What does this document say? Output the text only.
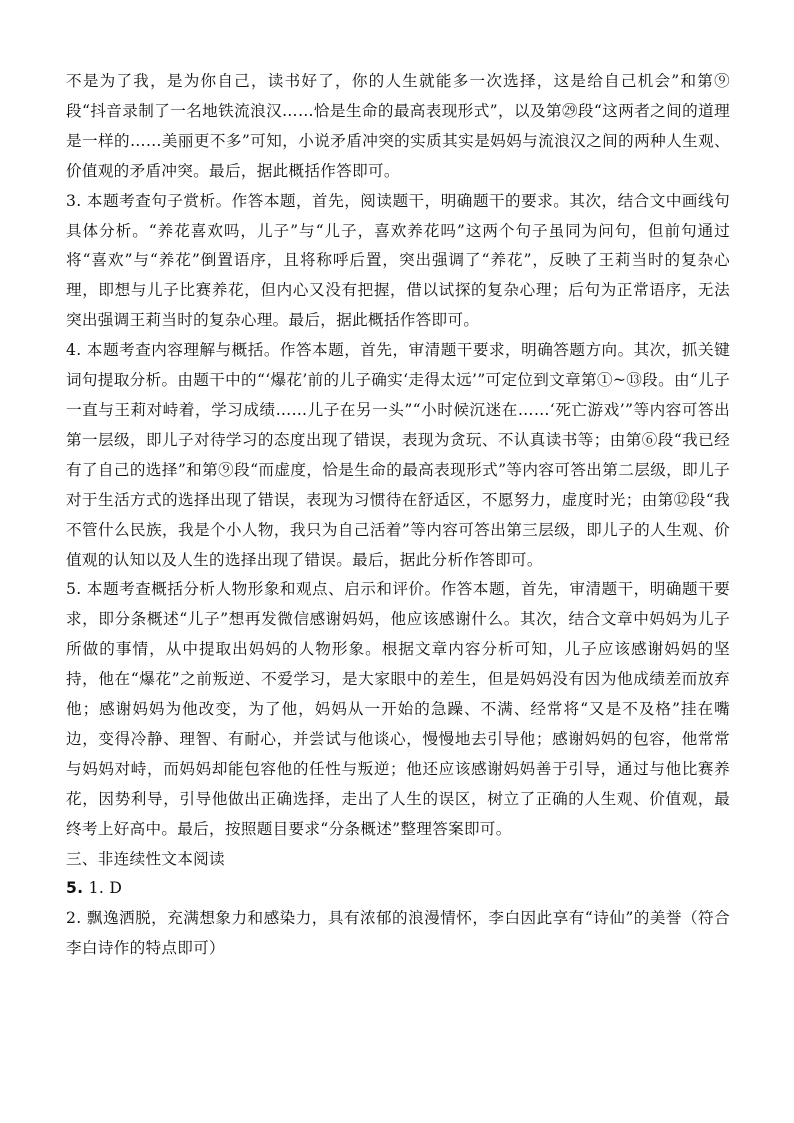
不是为了我，是为你自己，读书好了，你的人生就能多一次选择，这是给自己机会”和第⑨段“抖音录制了一名地铁流浪汉……恰是生命的最高表现形式”，以及第㉙段“这两者之间的道理是一样的……美丽更不多”可知，小说矛盾冲突的实质其实是妈妈与流浪汉之间的两种人生观、价值观的矛盾冲突。最后，据此概括作答即可。

3. 本题考查句子赏析。作答本题，首先，阅读题干，明确题干的要求。其次，结合文中画线句具体分析。“养花喜欢吗，儿子”与“儿子，喜欢养花吗”这两个句子虽同为问句，但前句通过将“喜欢”与“养花”倒置语序，且将称呼后置，突出强调了“养花”，反映了王莉当时的复杂心理，即想与儿子比赛养花，但内心又没有把握，借以试探的复杂心理；后句为正常语序，无法突出强调王莉当时的复杂心理。最后，据此概括作答即可。

4. 本题考查内容理解与概括。作答本题，首先，审清题干要求，明确答题方向。其次，抓关键词句提取分析。由题干中的“‘爆花’前的儿子确实‘走得太远’”可定位到文章第①~⑬段。由“儿子一直与王莉对峙着，学习成绩……儿子在另一头”“小时候沉迷在……‘死亡游戏’”等内容可答出第一层级，即儿子对待学习的态度出现了错误，表现为贪玩、不认真读书等；由第⑥段“我已经有了自己的选择”和第⑨段“而虚度，恰是生命的最高表现形式”等内容可答出第二层级，即儿子对于生活方式的选择出现了错误，表现为习惯待在舒适区，不愿努力，虚度时光；由第⑫段“我不管什么民族，我是个小人物，我只为自己活着”等内容可答出第三层级，即儿子的人生观、价值观的认知以及人生的选择出现了错误。最后，据此分析作答即可。

5. 本题考查概括分析人物形象和观点、启示和评价。作答本题，首先，审清题干，明确题干要求，即分条概述“儿子”想再发微信感谢妈妈，他应该感谢什么。其次，结合文章中妈妈为儿子所做的事情，从中提取出妈妈的人物形象。根据文章内容分析可知，儿子应该感谢妈妈的坚持，他在“爆花”之前叛逆、不爱学习，是大家眼中的差生，但是妈妈没有因为他成绩差而放弃他；感谢妈妈为他改变，为了他，妈妈从一开始的急躁、不满、经常将“又是不及格”挂在嘴边，变得冷静、理智、有耐心，并尝试与他谈心，慢慢地去引导他；感谢妈妈的包容，他常常与妈妈对峙，而妈妈却能包容他的任性与叛逆；他还应该感谢妈妈善于引导，通过与他比赛养花，因势利导，引导他做出正确选择，走出了人生的误区，树立了正确的人生观、价值观，最终考上好高中。最后，按照题目要求“分条概述”整理答案即可。

三、非连续性文本阅读

5. 1. D

2. 飘逸洒脱，充满想象力和感染力，具有浓郁的浪漫情怀，李白因此享有“诗仙”的美誉（符合李白诗作的特点即可）
